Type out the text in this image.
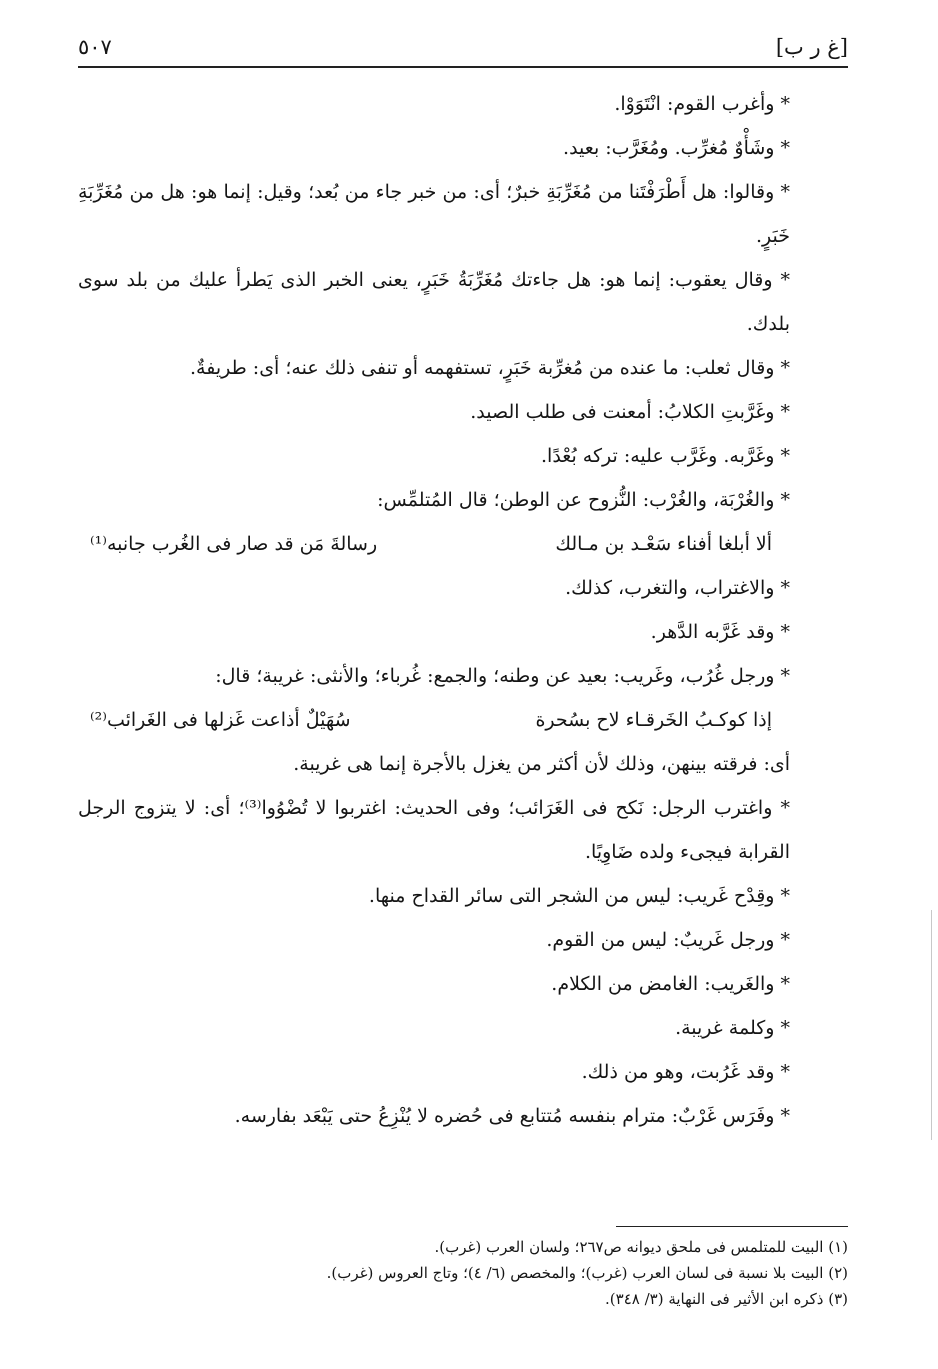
[غ ر ب]
٥٠٧

* وأغرب القوم: انْتَوَوْا.

* وشَأْوٌ مُغرِّب. ومُغَرَّب: بعيد.

* وقالوا: هل أَطْرَفْتَنا من مُغَرِّبَةِ خبرٌ؛ أى: من خبر جاء من بُعد؛ وقيل: إنما هو: هل من مُغَرِّبَةِ خَبَرٍ.

* وقال يعقوب: إنما هو: هل جاءتك مُغَرِّبَةُ خَبَرٍ، يعنى الخبر الذى يَطرأ عليك من بلد سوى بلدك.

* وقال ثعلب: ما عنده من مُغرِّبة خَبَرٍ، تستفهمه أو تنفى ذلك عنه؛ أى: طريفةٌ.

* وغَرَّبتِ الكلابُ: أمعنت فى طلب الصيد.

* وغَرَّبه. وغَرَّب عليه: تركه بُعْدًا.

* والغُرْبَة، والغُرْب: النُّزوح عن الوطن؛ قال المُتلمِّس:

ألا أبلغا أفناء سَعْـد بن مـالك
رسالةَ مَن قد صار فى الغُرب جانبه⁽¹⁾

* والاغتراب، والتغرب، كذلك.

* وقد غَرَّبه الدَّهر.

* ورجل غُرُب، وغَريب: بعيد عن وطنه؛ والجمع: غُرباء؛ والأنثى: غريبة؛ قال:

إذا كوكـبُ الخَرقـاء لاح بسُحرة
سُهَيْلٌ أذاعت غَزلها فى الغَرائب⁽²⁾

أى: فرقته بينهن، وذلك لأن أكثر من يغزل بالأجرة إنما هى غريبة.

* واغترب الرجل: نَكح فى الغَرَائب؛ وفى الحديث: اغتربوا لا تُضْوُوا⁽³⁾؛ أى: لا يتزوج الرجل القرابة فيجىء ولده ضَاوِيًا.

* وقِدْح غَريب: ليس من الشجر التى سائر القداح منها.

* ورجل غَريبٌ: ليس من القوم.

* والغَريب: الغامض من الكلام.

* وكلمة غريبة.

* وقد غَرُبت، وهو من ذلك.

* وفَرَس غَرْبٌ: مترام بنفسه مُتتابع فى حُضره لا يُنْزِعُ حتى يَبْعَد بفارسه.

(١) البيت للمتلمس فى ملحق ديوانه ص٢٦٧؛ ولسان العرب (غرب).
(٢) البيت بلا نسبة فى لسان العرب (غرب)؛ والمخصص (٦/ ٤)؛ وتاج العروس (غرب).
(٣) ذكره ابن الأثير فى النهاية (٣/ ٣٤٨).
